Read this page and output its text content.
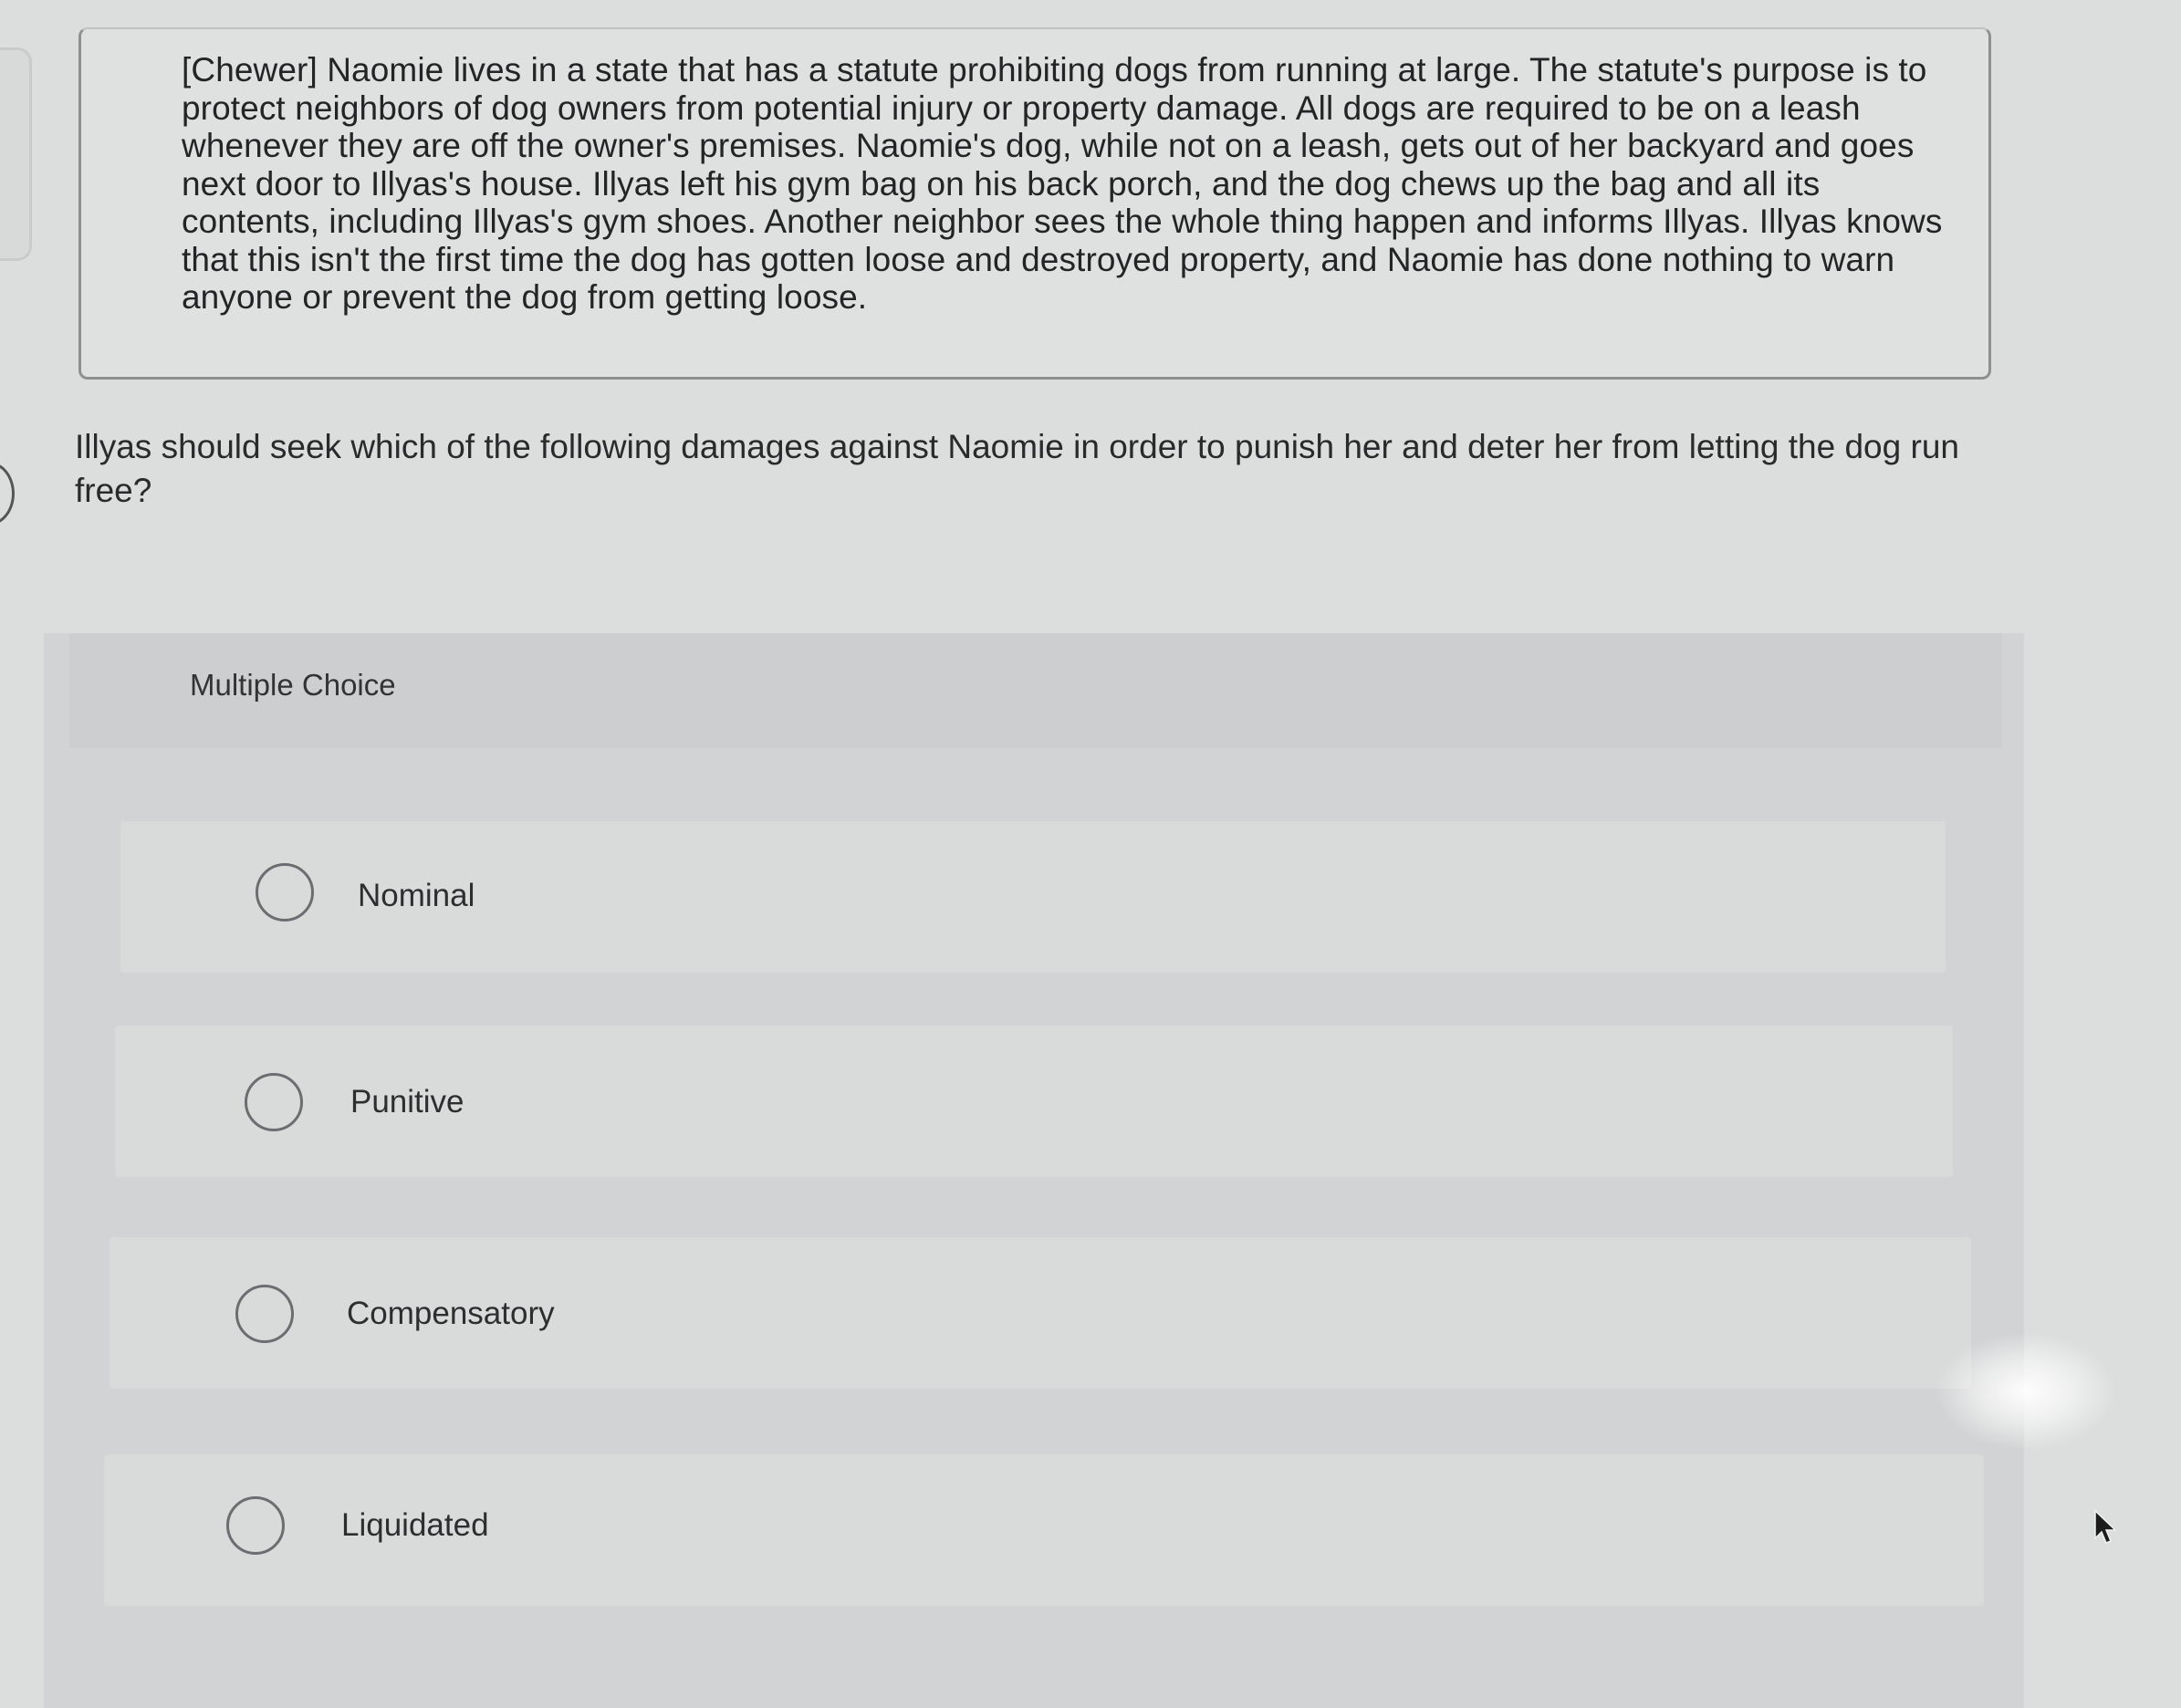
[Chewer] Naomie lives in a state that has a statute prohibiting dogs from running at large. The statute's purpose is to protect neighbors of dog owners from potential injury or property damage. All dogs are required to be on a leash whenever they are off the owner's premises. Naomie's dog, while not on a leash, gets out of her backyard and goes next door to Illyas's house. Illyas left his gym bag on his back porch, and the dog chews up the bag and all its contents, including Illyas's gym shoes. Another neighbor sees the whole thing happen and informs Illyas. Illyas knows that this isn't the first time the dog has gotten loose and destroyed property, and Naomie has done nothing to warn anyone or prevent the dog from getting loose.
Illyas should seek which of the following damages against Naomie in order to punish her and deter her from letting the dog run free?
Multiple Choice
Nominal
Punitive
Compensatory
Liquidated
